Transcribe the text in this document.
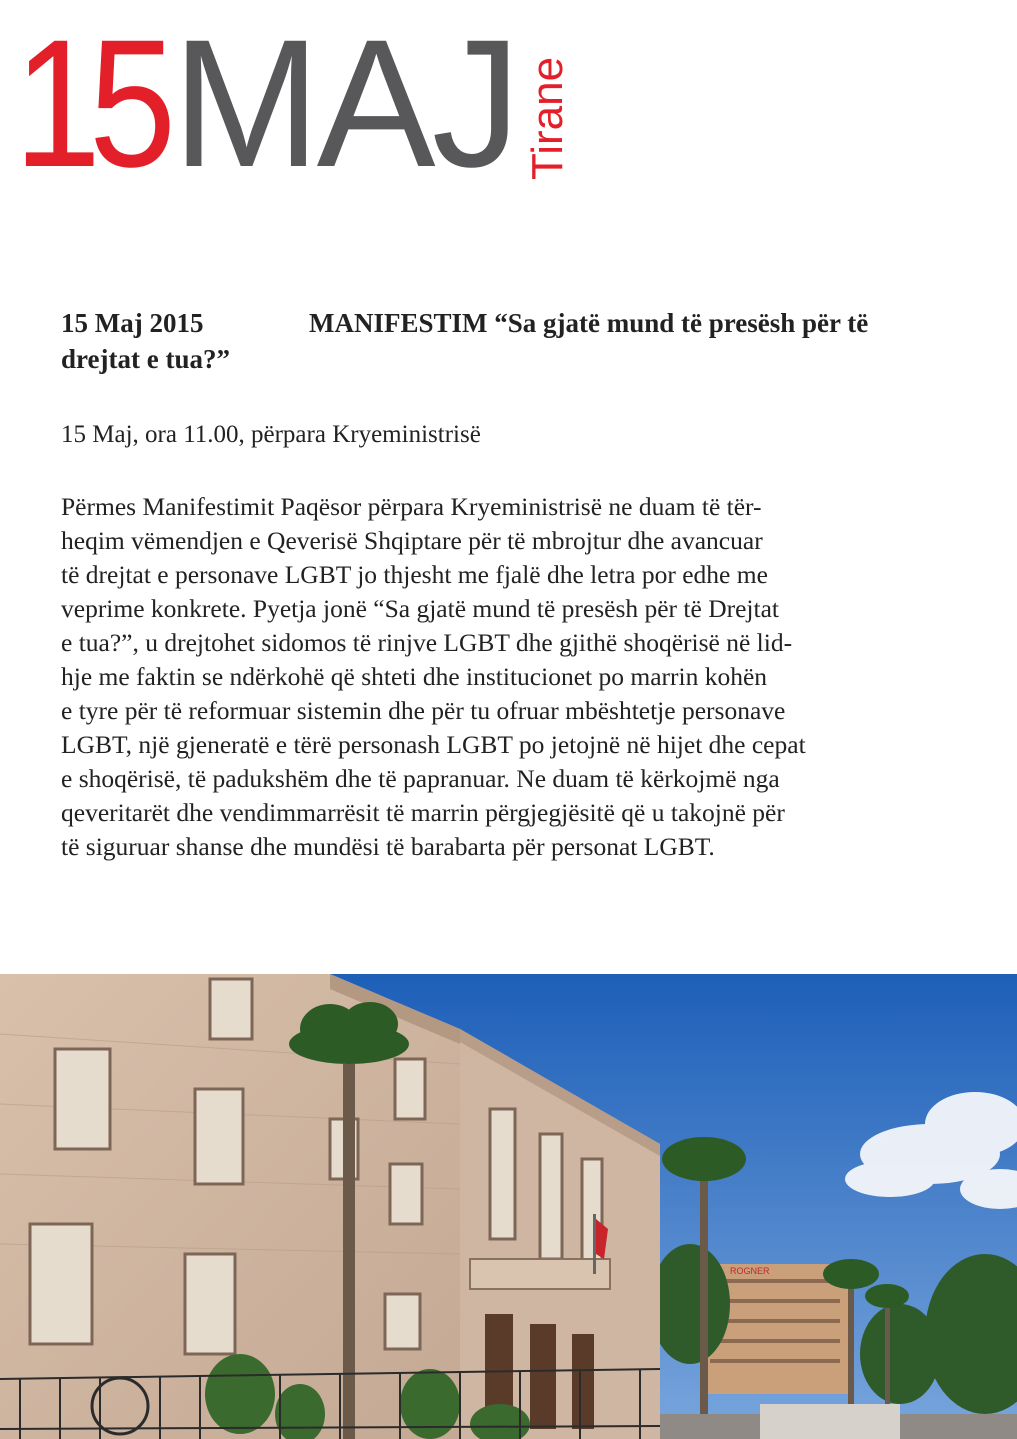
15 MAJ Tirane
15 Maj 2015	MANIFESTIM “Sa gjatë mund të presësh për të
drejtat e tua?”
15 Maj, ora 11.00, përpara Kryeministrisë
Përmes Manifestimit Paqësor përpara Kryeministrisë ne duam të tër-
heqim vëmendjen e Qeverisë Shqiptare për të mbrojtur dhe avancuar
të drejtat e personave LGBT jo thjesht me fjalë dhe letra por edhe me
veprime konkrete. Pyetja jonë “Sa gjatë mund të presësh për të Drejtat
e tua?”, u drejtohet sidomos të rinjve LGBT dhe gjithë shoqërisë në lid-
hje me faktin se ndërkohë që shteti dhe institucionet po marrin kohën
e tyre për të reformuar sistemin dhe për tu ofruar mbështetje personave
LGBT, një gjeneratë e tërë personash LGBT po jetojnë në hijet dhe cepat
e shoqërisë, të padukshëm dhe të papranuar. Ne duam të kërkojmë nga
qeveritarët dhe vendimmarrësit të marrin përgjegjësitë që u takojnë për
të siguruar shanse dhe mundësi të barabarta për personat LGBT.
ROGNER
